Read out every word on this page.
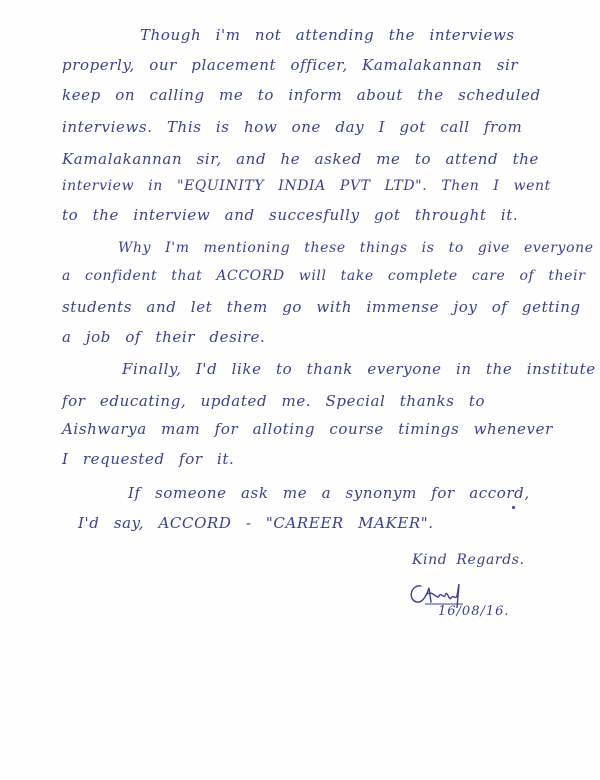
Though i'm not attending the interviews
properly, our placement officer, Kamalakannan sir
keep on calling me to inform about the scheduled
interviews. This is how one day I got call from
Kamalakannan sir, and he asked me to attend the
interview in "EQUINITY INDIA PVT LTD". Then I went
to the interview and succesfully got throught it.
Why I'm mentioning these things is to give everyone
a confident that ACCORD will take complete care of their
students and let them go with immense joy of getting
a job of their desire.
Finally, I'd like to thank everyone in the institute
for educating, updated me. Special thanks to
Aishwarya mam for alloting course timings whenever
I requested for it.
If someone ask me a synonym for accord,
I'd say, ACCORD - "CAREER MAKER".
Kind Regards.
16/08/16.
